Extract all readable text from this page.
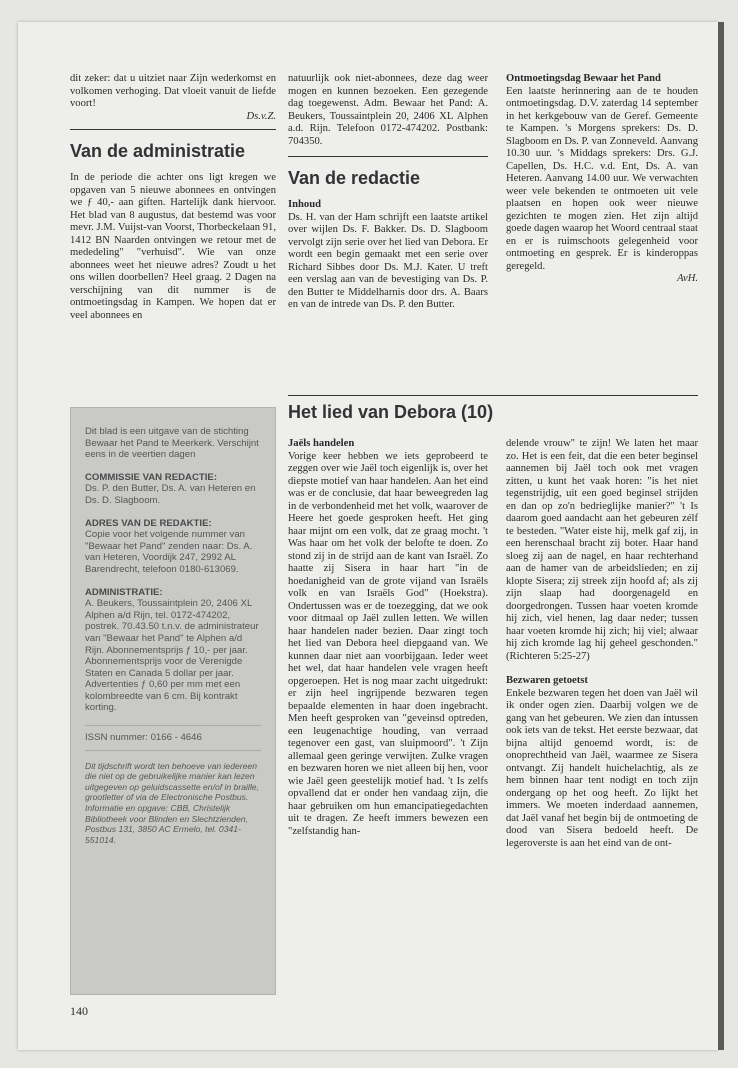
dit zeker: dat u uitziet naar Zijn wederkomst en volkomen verhoging. Dat vloeit vanuit de liefde voort!

Ds.v.Z.

Van de administratie

In de periode die achter ons ligt kregen we opgaven van 5 nieuwe abonnees en ontvingen we ƒ 40,- aan giften. Hartelijk dank hiervoor. Het blad van 8 augustus, dat bestemd was voor mevr. J.M. Vuijst-van Voorst, Thorbeckelaan 91, 1412 BN Naarden ontvingen we retour met de mededeling" "verhuisd". Wie van onze abonnees weet het nieuwe adres? Zoudt u het ons willen doorbellen? Heel graag. 2 Dagen na verschijning van dit nummer is de ontmoetingsdag in Kampen. We hopen dat er veel abonnees en

natuurlijk ook niet-abonnees, deze dag weer mogen en kunnen bezoeken. Een gezegende dag toegewenst. Adm. Bewaar het Pand: A. Beukers, Toussaintplein 20, 2406 XL Alphen a.d. Rijn. Telefoon 0172-474202. Postbank: 704350.

Van de redactie

Inhoud

Ds. H. van der Ham schrijft een laatste artikel over wijlen Ds. F. Bakker. Ds. D. Slagboom vervolgt zijn serie over het lied van Debora. Er wordt een begin gemaakt met een serie over Richard Sibbes door Ds. M.J. Kater. U treft een verslag aan van de bevestiging van Ds. P. den Butter te Middelharnis door drs. A. Baars en van de intrede van Ds. P. den Butter.

Ontmoetingsdag Bewaar het Pand

Een laatste herinnering aan de te houden ontmoetingsdag. D.V. zaterdag 14 september in het kerkgebouw van de Geref. Gemeente te Kampen. 's Morgens sprekers: Ds. D. Slagboom en Ds. P. van Zonneveld. Aanvang 10.30 uur. 's Middags sprekers: Drs. G.J. Capellen, Ds. H.C. v.d. Ent, Ds. A. van Heteren. Aanvang 14.00 uur. We verwachten weer vele bekenden te ontmoeten uit vele plaatsen en hopen ook weer nieuwe gezichten te mogen zien. Het zijn altijd goede dagen waarop het Woord centraal staat en er is ruimschoots gelegenheid voor ontmoeting en gesprek. Er is kinderoppas geregeld.

AvH.

Het lied van Debora (10)

Jaëls handelen

Vorige keer hebben we iets geprobeerd te zeggen over wie Jaël toch eigenlijk is, over het diepste motief van haar handelen. Aan het eind was er de conclusie, dat haar beweegreden lag in de verbondenheid met het volk, waarover de Heere het goede gesproken heeft. Het ging haar mijnt om een volk, dat ze graag mocht. 't Was haar om het volk der belofte te doen. Zo stond zij in de strijd aan de kant van Israël. Zo haatte zij Sisera in haar hart "in de hoedanigheid van de grote vijand van Israëls volk en van Israëls God" (Hoekstra). Ondertussen was er de toezegging, dat we ook voor ditmaal op Jaël zullen letten. We willen haar handelen nader bezien. Daar zingt toch het lied van Debora heel diepgaand van. We kunnen daar niet aan voorbijgaan. Ieder weet het wel, dat haar handelen vele vragen heeft opgeroepen. Het is nog maar zacht uitgedrukt: er zijn heel ingrijpende bezwaren tegen bepaalde elementen in haar doen ingebracht. Men heeft gesproken van "geveinsd optreden, een leugenachtige houding, van verraad tegenover een gast, van sluipmoord". 't Zijn allemaal geen geringe verwijten. Zulke vragen en bezwaren horen we niet alleen bij hen, voor wie Jaël geen geestelijk motief had. 't Is zelfs opvallend dat er onder hen vandaag zijn, die haar gebruiken om hun emancipatiegedachten uit te dragen. Ze heeft immers bewezen een "zelfstandig han-

delende vrouw" te zijn! We laten het maar zo. Het is een feit, dat die een beter beginsel aannemen bij Jaël toch ook met vragen zitten, u kunt het vaak horen: "is het niet tegenstrijdig, uit een goed beginsel strijden en dan op zo'n bedrieglijke manier?" 't Is daarom goed aandacht aan het gebeuren zélf te besteden. "Water eiste hij, melk gaf zij, in een herenschaal bracht zij boter. Haar hand sloeg zij aan de nagel, en haar rechterhand aan de hamer van de arbeidslieden; en zij klopte Sisera; zij streek zijn hoofd af; als zij zijn slaap had doorgenageld en doorgedrongen. Tussen haar voeten kromde hij zich, viel henen, lag daar neder; tussen haar voeten kromde hij zich; hij viel; alwaar hij zich kromde lag hij geheel geschonden." (Richteren 5:25-27)

Bezwaren getoetst

Enkele bezwaren tegen het doen van Jaël wil ik onder ogen zien. Daarbij volgen we de gang van het gebeuren. We zien dan intussen ook iets van de tekst. Het eerste bezwaar, dat bijna altijd genoemd wordt, is: de onoprechtheid van Jaël, waarmee ze Sisera ontvangt. Zij handelt huichelachtig, als ze hem binnen haar tent nodigt en toch zijn ondergang op het oog heeft. Zo lijkt het immers. We moeten inderdaad aannemen, dat Jaël vanaf het begin bij de ontmoeting de dood van Sisera bedoeld heeft. De legeroverste is aan het eind van de ont-

Dit blad is een uitgave van de stichting Bewaar het Pand te Meerkerk. Verschijnt eens in de veertien dagen

COMMISSIE VAN REDACTIE:

Ds. P. den Butter, Ds. A. van Heteren en Ds. D. Slagboom.

ADRES VAN DE REDAKTIE:

Copie voor het volgende nummer van "Bewaar het Pand" zenden naar: Ds. A. van Heteren, Voordijk 247, 2992 AL Barendrecht, telefoon 0180-613069.

ADMINISTRATIE:

A. Beukers, Toussaintplein 20, 2406 XL Alphen a/d Rijn, tel. 0172-474202, postrek. 70.43.50 t.n.v. de administrateur van "Bewaar het Pand" te Alphen a/d Rijn. Abonnementsprijs ƒ 10,- per jaar. Abonnementsprijs voor de Verenigde Staten en Canada 5 dollar per jaar. Advertenties ƒ 0,60 per mm met een kolombreedte van 6 cm. Bij kontrakt korting.

ISSN nummer: 0166 - 4646

Dit tijdschrift wordt ten behoeve van iedereen die niet op de gebruikelijke manier kan lezen uitgegeven op geluidscassette en/of in braille, grootletter of via de Electronische Postbus. Informatie en opgave: CBB, Christelijk Bibliotheek voor Blinden en Slechtzienden, Postbus 131, 3850 AC Ermelo, tel. 0341-551014.

140
